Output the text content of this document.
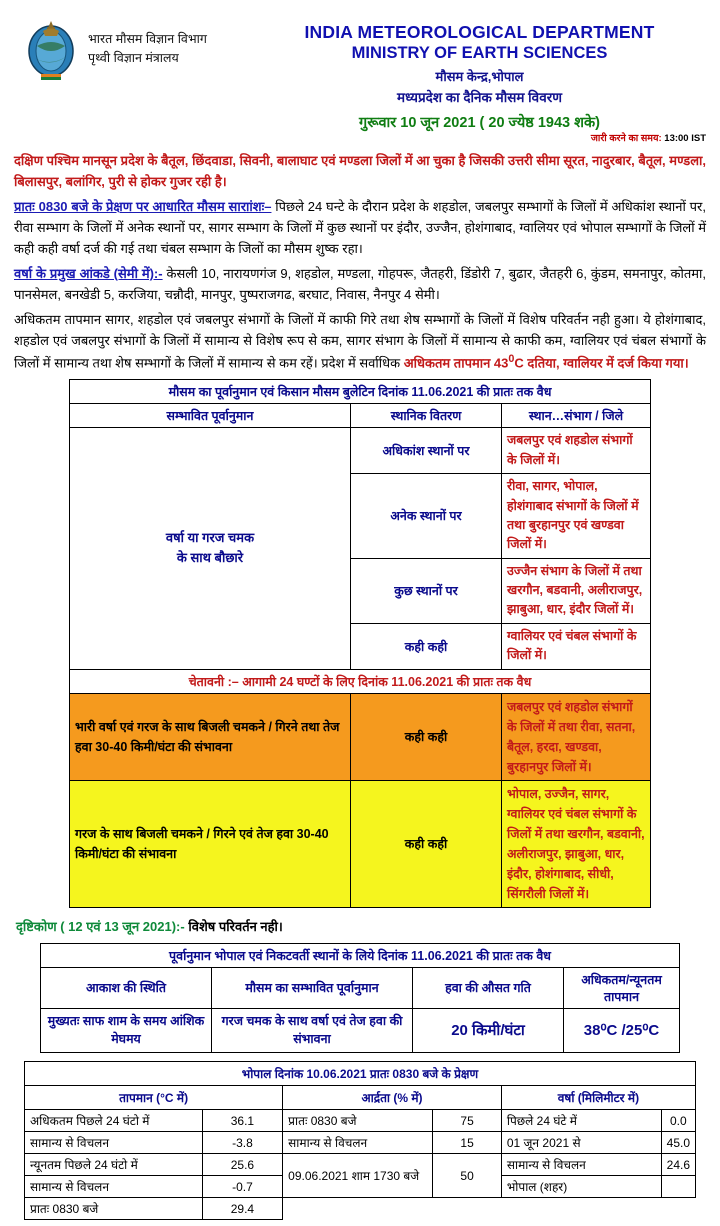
भारत मौसम विज्ञान विभाग
पृथ्वी विज्ञान मंत्रालय
INDIA METEOROLOGICAL DEPARTMENT
MINISTRY OF EARTH SCIENCES
मौसम केन्द्र,भोपाल
मध्यप्रदेश का दैनिक मौसम विवरण
गुरूवार 10 जून 2021 ( 20 ज्येष्ठ 1943 शके)
जारी करने का समय: 13:00 IST
दक्षिण पश्चिम मानसून प्रदेश के बैतूल, छिंदवाडा, सिवनी, बालाघाट एवं मण्डला जिलों में आ चुका है जिसकी उत्तरी सीमा सूरत, नादुरबार, बैतूल, मण्डला, बिलासपुर, बलांगिर, पुरी से होकर गुजर रही है।
प्रातः 0830 बजे के प्रेक्षण पर आधारित मौसम साराांशः– पिछले 24 घन्टे के दौरान प्रदेश के शहडोल, जबलपुर सम्भागों के जिलों में अधिकांश स्थानों पर, रीवा सम्भाग के जिलों में अनेक स्थानों पर, सागर सम्भाग के जिलों में कुछ स्थानों पर इंदौर, उज्जैन, होशंगाबाद, ग्वालियर एवं भोपाल सम्भागों के जिलों में कही कही वर्षा दर्ज की गई तथा चंबल सम्भाग के जिलों का मौसम शुष्क रहा।
वर्षा के प्रमुख आंकडे (सेमी में):- केसली 10, नारायणगंज 9, शहडोल, मण्डला, गोहपरू, जैतहरी, डिंडोरी 7, बुढार, जैतहरी 6, कुंडम, समनापुर, कोतमा, पानसेमल, बनखेडी 5, करजिया, चन्नौदी, मानपुर, पुष्पराजगढ, बरघाट, निवास, नैनपुर 4 सेमी।
अधिकतम तापमान सागर, शहडोल एवं जबलपुर संभागों के जिलों में काफी गिरे तथा शेष सम्भागों के जिलों में विशेष परिवर्तन नही हुआ। ये होशंगाबाद, शहडोल एवं जबलपुर संभागों के जिलों में सामान्य से विशेष रूप से कम, सागर संभाग के जिलों में सामान्य से काफी कम, ग्वालियर एवं चंबल संभागों के जिलों में सामान्य तथा शेष सम्भागों के जिलों में सामान्य से कम रहें। प्रदेश में सर्वाधिक अधिकतम तापमान $43^0C$ दतिया, ग्वालियर में दर्ज किया गया।
मौसम का पूर्वानुमान एवं किसान मौसम बुलेटिन दिनांक 11.06.2021 की प्रातः तक वैध		
सम्भावित पूर्वानुमान	स्थानिक वितरण	स्थान…संभाग / जिले

वर्षा या गरज चमक
के साथ बौछारे	अधिकांश स्थानों पर	जबलपुर एवं शहडोल संभागों के जिलों में।
	अनेक स्थानों पर	रीवा, सागर, भोपाल, होशंगाबाद संभागों के जिलों में तथा बुरहानपुर एवं खण्डवा जिलों में।
	कुछ स्थानों पर	उज्जैन संभाग के जिलों में तथा खरगौन, बडवानी, अलीराजपुर, झाबुआ, धार, इंदौर जिलों में।
	कही कही	ग्वालियर एवं चंबल संभागों के जिलों में।
चेतावनी :– आगामी 24 घण्टों के लिए दिनांक 11.06.2021 की प्रातः तक वैध		
भारी वर्षा एवं गरज के साथ बिजली चमकने / गिरने तथा तेज हवा 30-40 किमी/घंटा की संभावना	कही कही	जबलपुर एवं शहडोल संभागों के जिलों में तथा रीवा, सतना, बैतूल, हरदा, खण्डवा, बुरहानपुर जिलों में।
गरज के साथ बिजली चमकने / गिरने एवं तेज हवा 30-40 किमी/घंटा की संभावना	कही कही	भोपाल, उज्जैन, सागर, ग्वालियर एवं चंबल संभागों के जिलों में तथा खरगौन, बडवानी, अलीराजपुर, झाबुआ, धार, इंदौर, होशंगाबाद, सीधी, सिंगरौली जिलों में।
दृष्टिकोण ( 12 एवं 13 जून 2021):- विशेष परिवर्तन नही।
पूर्वानुमान भोपाल एवं निकटवर्ती स्थानों के लिये दिनांक 11.06.2021 की प्रातः तक वैध			
आकाश की स्थिति	मौसम का सम्भावित पूर्वानुमान	हवा की औसत गति	अधिकतम/न्यूनतम तापमान
मुख्यतः साफ शाम के समय आंशिक मेघमय	गरज चमक के साथ वर्षा एवं तेज हवा की संभावना	20 किमी/घंटा	38⁰C /25⁰C
भोपाल दिनांक 10.06.2021 प्रातः 0830 बजे के प्रेक्षण					
तापमान (°C में)		आर्द्रता (% में)		वर्षा (मिलिमीटर में)	
अधिकतम पिछले 24 घंटो में	36.1	प्रातः 0830 बजे	75	पिछले 24 घंटे में	0.0
सामान्य से विचलन	-3.8	सामान्य से विचलन	15	01 जून 2021 से	45.0
न्यूनतम पिछले 24 घंटो में	25.6	09.06.2021 शाम 1730 बजे	50	सामान्य से विचलन	24.6
सामान्य से विचलन	-0.7			भोपाल (शहर)	
प्रातः 0830 बजे	29.4				
